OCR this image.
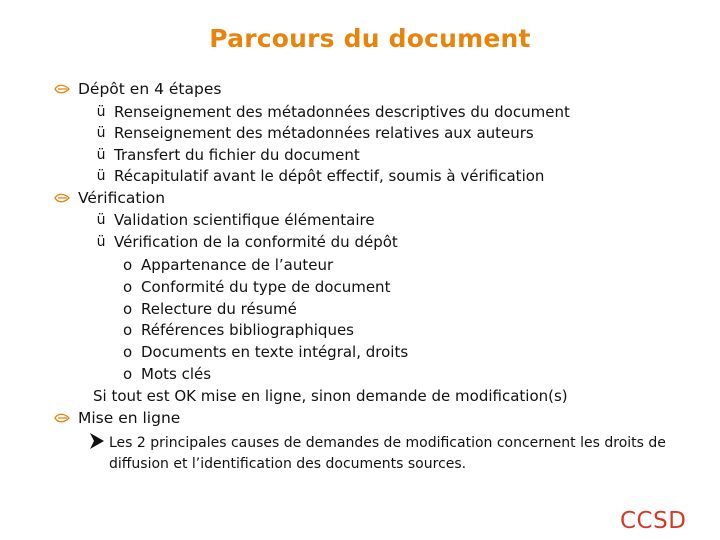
Parcours du document
Dépôt en 4 étapes
ü Renseignement des métadonnées descriptives du document
ü Renseignement des métadonnées relatives aux auteurs
ü Transfert du fichier du document
ü Récapitulatif avant le dépôt effectif, soumis à vérification
Vérification
ü Validation scientifique élémentaire
ü Vérification de la conformité du dépôt
o Appartenance de l’auteur
o Conformité du type de document
o Relecture du résumé
o Références bibliographiques
o Documents en texte intégral, droits
o Mots clés
Si tout est OK mise en ligne, sinon demande de modification(s)
Mise en ligne
Les 2 principales causes de demandes de modification concernent les droits de
diffusion et l’identification des documents sources.
CCSD
